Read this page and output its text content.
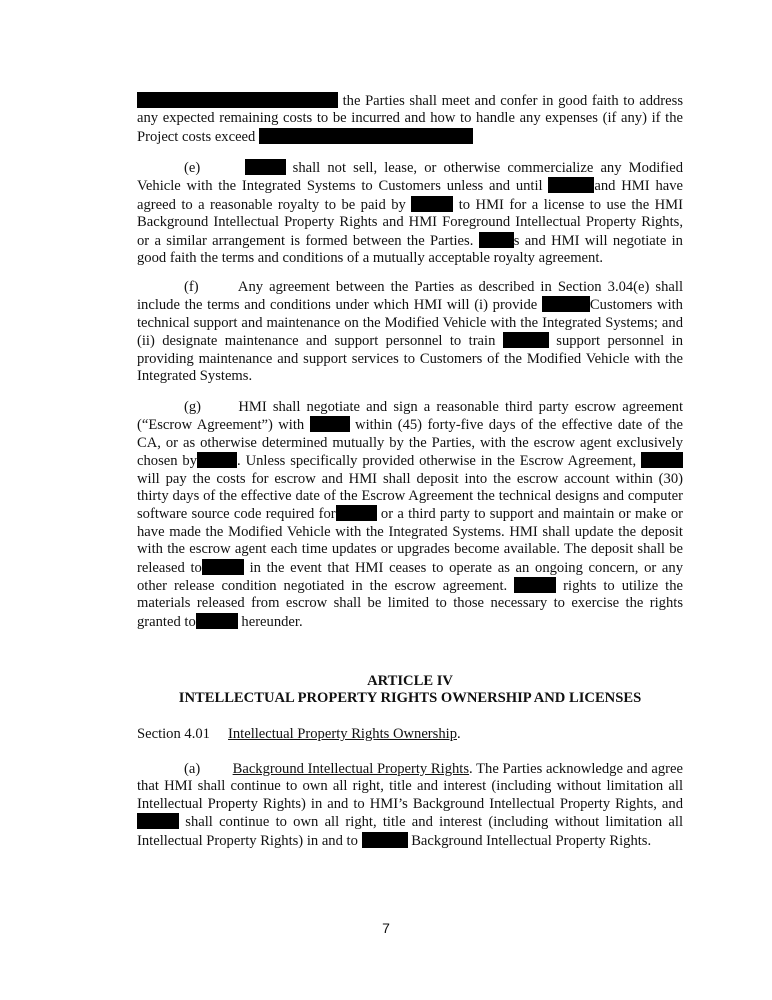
the Parties shall meet and confer in good faith to address any expected remaining costs to be incurred and how to handle any expenses (if any) if the Project costs exceed
(e)	shall not sell, lease, or otherwise commercialize any Modified Vehicle with the Integrated Systems to Customers unless and until	and HMI have agreed to a reasonable royalty to be paid by	to HMI for a license to use the HMI Background Intellectual Property Rights and HMI Foreground Intellectual Property Rights, or a similar arrangement is formed between the Parties.	s and HMI will negotiate in good faith the terms and conditions of a mutually acceptable royalty agreement.
(f)	Any agreement between the Parties as described in Section 3.04(e) shall include the terms and conditions under which HMI will (i) provide	Customers with technical support and maintenance on the Modified Vehicle with the Integrated Systems; and (ii) designate maintenance and support personnel to train	support personnel in providing maintenance and support services to Customers of the Modified Vehicle with the Integrated Systems.
(g)	HMI shall negotiate and sign a reasonable third party escrow agreement (“Escrow Agreement”) with	within (45) forty-five days of the effective date of the CA, or as otherwise determined mutually by the Parties, with the escrow agent exclusively chosen by	. Unless specifically provided otherwise in the Escrow Agreement,  will pay the costs for escrow and HMI shall deposit into the escrow account within (30) thirty days of the effective date of the Escrow Agreement the technical designs and computer software source code required for	or a third party to support and maintain or make or have made the Modified Vehicle with the Integrated Systems. HMI shall update the deposit with the escrow agent each time updates or upgrades become available. The deposit shall be released to	in the event that HMI ceases to operate as an ongoing concern, or any other release condition negotiated in the escrow agreement.	rights to utilize the materials released from escrow shall be limited to those necessary to exercise the rights granted to	hereunder.
ARTICLE IV
INTELLECTUAL PROPERTY RIGHTS OWNERSHIP AND LICENSES
Section 4.01 Intellectual Property Rights Ownership.
(a) Background Intellectual Property Rights. The Parties acknowledge and agree that HMI shall continue to own all right, title and interest (including without limitation all Intellectual Property Rights) in and to HMI’s Background Intellectual Property Rights, and  shall continue to own all right, title and interest (including without limitation all Intellectual Property Rights) in and to	Background Intellectual Property Rights.
7
